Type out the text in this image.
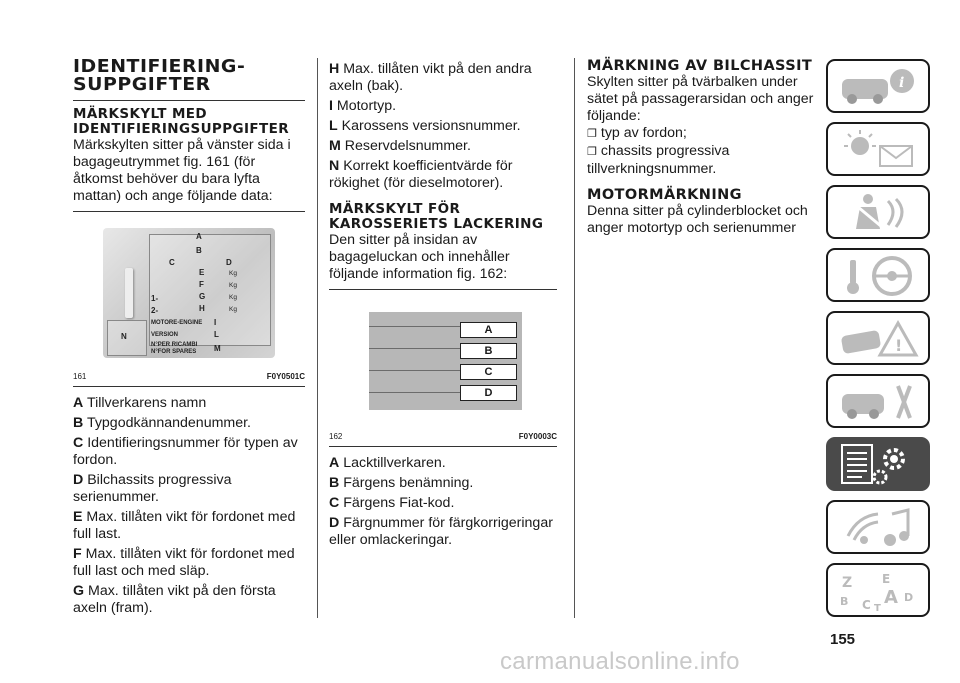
IDENTIFIERINGSUPPGIFTER
MÄRKSKYLT MED IDENTIFIERINGSUPPGIFTER

Märkskylten sitter på vänster sida i bagageutrymmet fig. 161 (för åtkomst behöver du bara lyfta mattan) och ange följande data:

161	F0Y0501C

A Tillverkarens namn

B Typgodkännandenummer.

C Identifieringsnummer för typen av fordon.

D Bilchassits progressiva serienummer.

E Max. tillåten vikt för fordonet med full last.

F Max. tillåten vikt för fordonet med full last och med släp.

G Max. tillåten vikt på den första axeln (fram).

A
B
C	D
E
F
G
H
Kg
Kg
Kg
Kg
1-
2-
MOTORE-ENGINE I
VERSION	L
N°PER RICAMBI
N°FOR SPARES M
N

H Max. tillåten vikt på den andra axeln (bak).

I Motortyp.

L Karossens versionsnummer.

M Reservdelsnummer.

N Korrekt koefficientvärde för rökighet (för dieselmotorer).

MÄRKSKYLT FÖR KAROSSERIETS LACKERING

Den sitter på insidan av bagageluckan och innehåller följande information fig. 162:

162	F0Y0003C

A Lacktillverkaren.

B Färgens benämning.

C Färgens Fiat-kod.

D Färgnummer för färgkorrigeringar eller omlackeringar.

A
B
C
D
MÄRKNING AV BILCHASSIT

Skylten sitter på tvärbalken under sätet på passagerarsidan och anger följande:

❐ typ av fordon;

❐ chassits progressiva tillverkningsnummer.

MOTORMÄRKNING

Denna sitter på cylinderblocket och anger motortyp och serienummer

i
!
Z E
B C A D
T
155
carmanualsonline.info
